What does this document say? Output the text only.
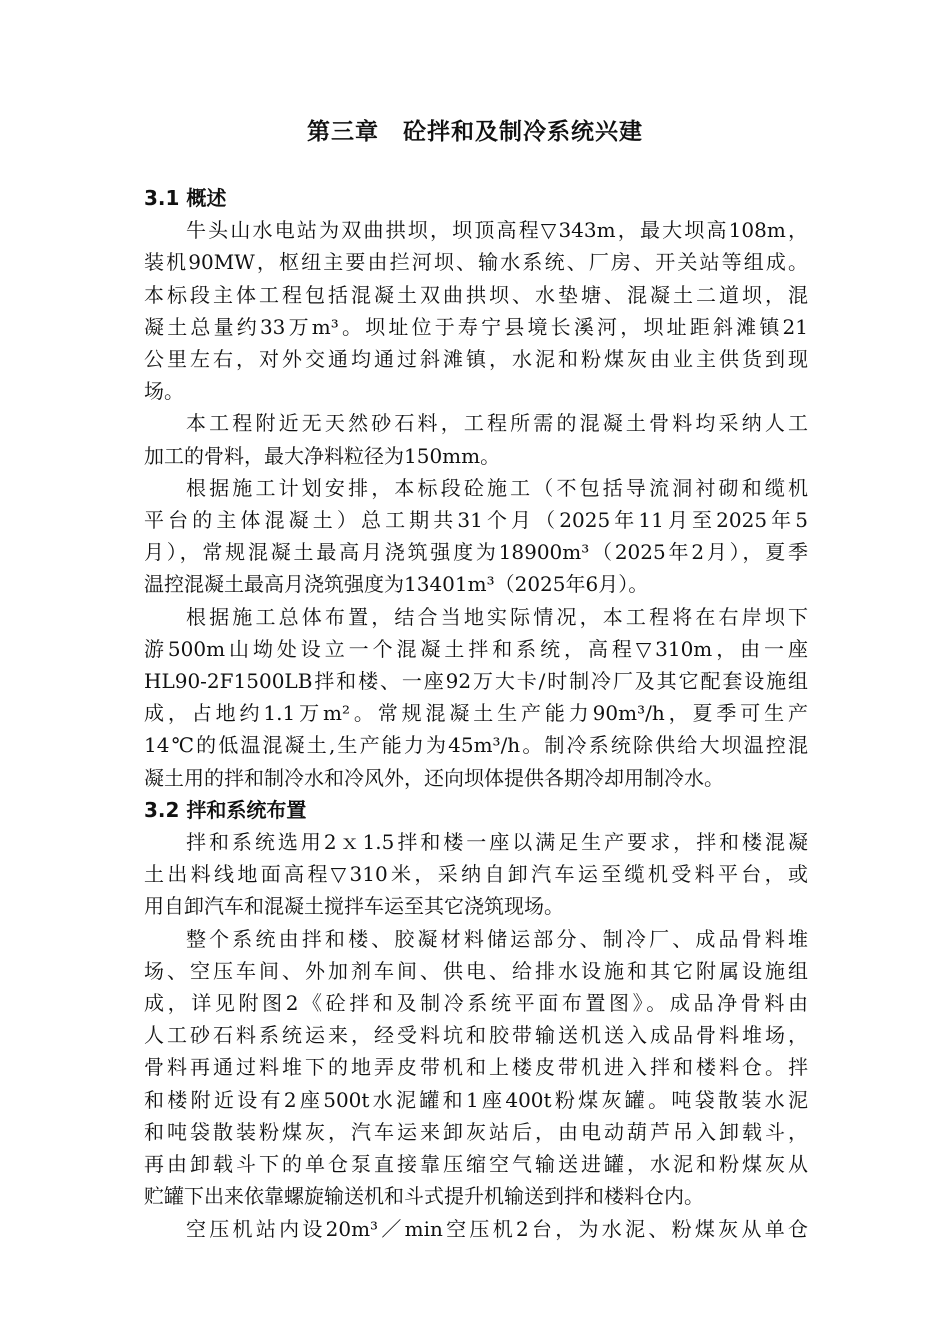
第三章　砼拌和及制冷系统兴建
3.1 概述
牛头山水电站为双曲拱坝，坝顶高程▽343m，最大坝高108m，
装机90MW，枢纽主要由拦河坝、输水系统、厂房、开关站等组成。
本标段主体工程包括混凝土双曲拱坝、水垫塘、混凝土二道坝，混
凝土总量约33万m³。坝址位于寿宁县境长溪河，坝址距斜滩镇21
公里左右，对外交通均通过斜滩镇，水泥和粉煤灰由业主供货到现
场。
本工程附近无天然砂石料，工程所需的混凝土骨料均采纳人工
加工的骨料，最大净料粒径为150mm。
根据施工计划安排，本标段砼施工（不包括导流洞衬砌和缆机
平台的主体混凝土）总工期共31个月（2025年11月至2025年5
月），常规混凝土最高月浇筑强度为18900m³（2025年2月），夏季
温控混凝土最高月浇筑强度为13401m³（2025年6月）。
根据施工总体布置，结合当地实际情况，本工程将在右岸坝下
游500m山坳处设立一个混凝土拌和系统，高程▽310m，由一座
HL90-2F1500LB拌和楼、一座92万大卡/时制冷厂及其它配套设施组
成，占地约1.1万m²。常规混凝土生产能力90m³/h，夏季可生产
14℃的低温混凝土,生产能力为45m³/h。制冷系统除供给大坝温控混
凝土用的拌和制冷水和冷风外，还向坝体提供各期冷却用制冷水。
3.2 拌和系统布置
拌和系统选用2ｘ1.5拌和楼一座以满足生产要求，拌和楼混凝
土出料线地面高程▽310米，采纳自卸汽车运至缆机受料平台，或
用自卸汽车和混凝土搅拌车运至其它浇筑现场。
整个系统由拌和楼、胶凝材料储运部分、制冷厂、成品骨料堆
场、空压车间、外加剂车间、供电、给排水设施和其它附属设施组
成，详见附图2《砼拌和及制冷系统平面布置图》。成品净骨料由
人工砂石料系统运来，经受料坑和胶带输送机送入成品骨料堆场，
骨料再通过料堆下的地弄皮带机和上楼皮带机进入拌和楼料仓。拌
和楼附近设有2座500t水泥罐和1座400t粉煤灰罐。吨袋散装水泥
和吨袋散装粉煤灰，汽车运来卸灰站后，由电动葫芦吊入卸载斗，
再由卸载斗下的单仓泵直接靠压缩空气输送进罐，水泥和粉煤灰从
贮罐下出来依靠螺旋输送机和斗式提升机输送到拌和楼料仓内。
空压机站内设20m³／min空压机2台，为水泥、粉煤灰从单仓
